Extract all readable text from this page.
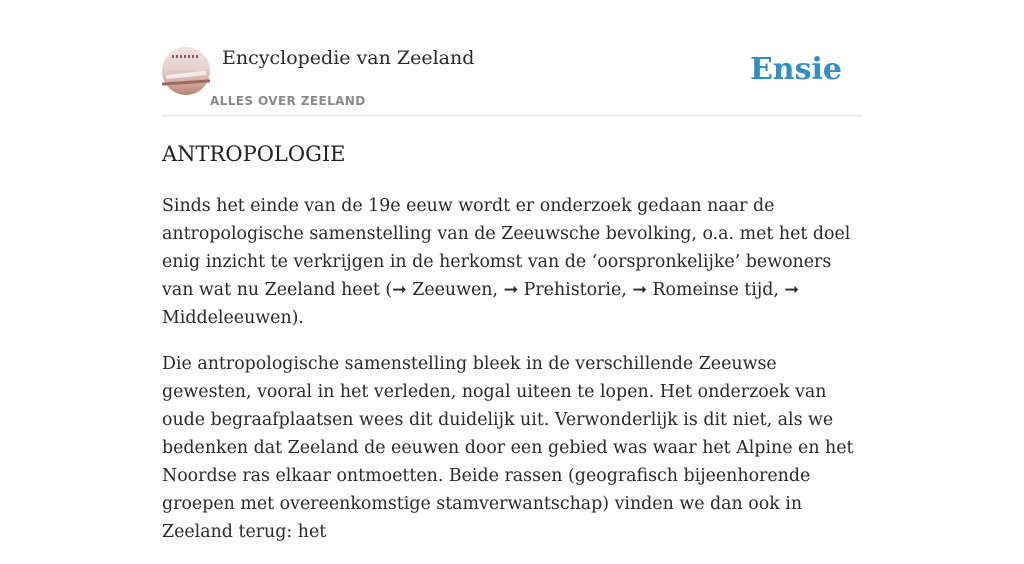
Encyclopedie van Zeeland
ALLES OVER ZEELAND
Ensie
ANTROPOLOGIE

Sinds het einde van de 19e eeuw wordt er onderzoek gedaan naar de antropologische samenstelling van de Zeeuwsche bevolking, o.a. met het doel enig inzicht te verkrijgen in de herkomst van de ‘oorspronkelijke’ bewoners van wat nu Zeeland heet (➞ Zeeuwen, ➞ Prehistorie, ➞ Romeinse tijd, ➞ Middeleeuwen).

Die antropologische samenstelling bleek in de verschillende Zeeuwse gewesten, vooral in het verleden, nogal uiteen te lopen. Het onderzoek van oude begraafplaatsen wees dit duidelijk uit. Verwonderlijk is dit niet, als we bedenken dat Zeeland de eeuwen door een gebied was waar het Alpine en het Noordse ras elkaar ontmoetten. Beide rassen (geografisch bijeenhorende groepen met overeenkomstige stamverwantschap) vinden we dan ook in Zeeland terug: het
